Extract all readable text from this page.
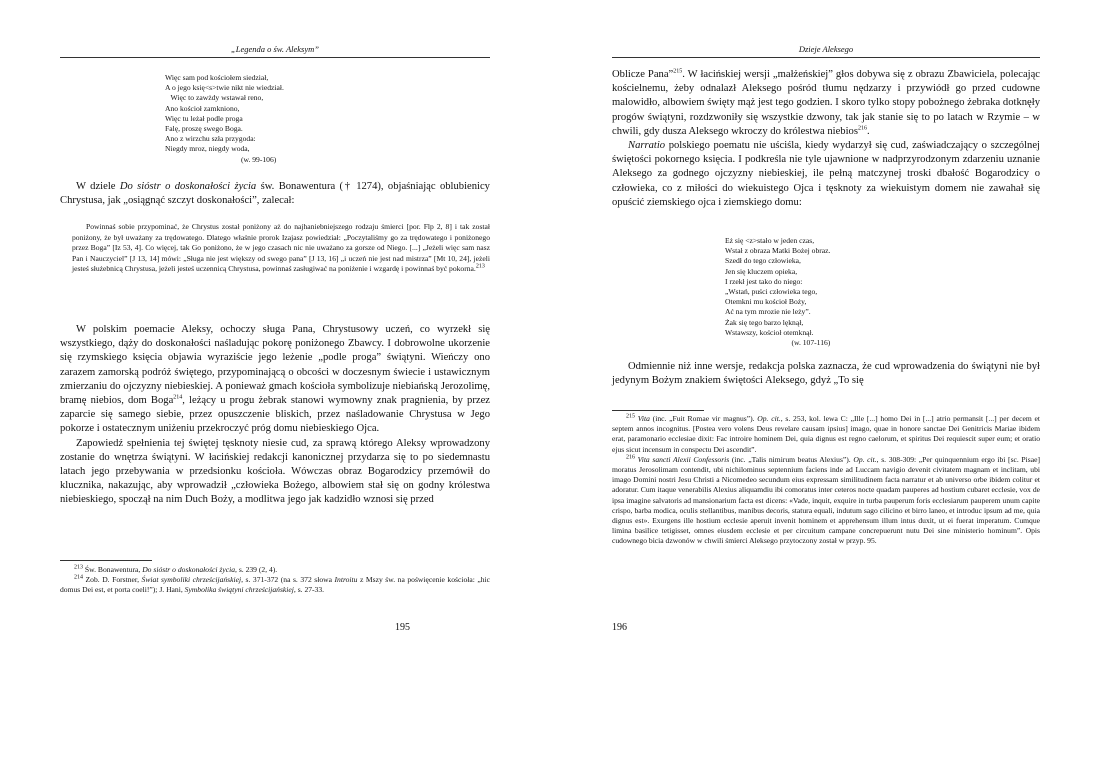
„Legenda o św. Aleksym”
Więc sam pod kościołem siedział,
A o jego księ<s>twie nikt nie wiedział.
Więc to zawżdy wstawał reno,
Ano kościoł zamkniono,
Więc tu leżał podle proga
Falę, proszę swego Boga.
Ano z wirzchu szła przygoda:
Niegdy mroz, niegdy woda,
(w. 99-106)

W dziele Do sióstr o doskonałości życia św. Bonawentura († 1274), objaśniając oblubienicy Chrystusa, jak „osiągnąć szczyt doskonałości”, zalecał:

Powinnaś sobie przypominać, że Chrystus został poniżony aż do najhaniebniejszego rodzaju śmierci [por. Flp 2, 8] i tak został poniżony, że był uważany za trędowatego. Dlatego właśnie prorok Izajasz powiedział: „Poczytaliśmy go za trędowatego i poniżonego przez Boga” [Iz 53, 4]. Co więcej, tak Go poniżono, że w jego czasach nic nie uważano za gorsze od Niego. [...] „Jeżeli więc sam nasz Pan i Nauczyciel” [J 13, 14] mówi: „Sługa nie jest większy od swego pana” [J 13, 16] „i uczeń nie jest nad mistrza” [Mt 10, 24], jeżeli jesteś służebnicą Chrystusa, jeżeli jesteś uczennicą Chrystusa, powinnaś zasługiwać na poniżenie i wzgardę i powinnaś być pokorna.$^{213}$

W polskim poemacie Aleksy, ochoczy sługa Pana, Chrystusowy uczeń, co wyrzekł się wszystkiego, dąży do doskonałości naśladując pokorę poniżonego Zbawcy. I dobrowolne ukorzenie się rzymskiego księcia objawia wyraziście jego leżenie „podle proga” świątyni. Wieńczy ono zarazem zamorską podróż świętego, przypominającą o obcości w doczesnym świecie i ustawicznym zmierzaniu do ojczyzny niebieskiej. A ponieważ gmach kościoła symbolizuje niebiańską Jerozolimę, bramę niebios, dom Boga$^{214}$, leżący u progu żebrak stanowi wymowny znak pragnienia, by przez zaparcie się samego siebie, przez opuszczenie bliskich, przez naśladowanie Chrystusa w Jego pokorze i ostatecznym uniżeniu przekroczyć próg domu niebieskiego Ojca.

Zapowiedź spełnienia tej świętej tęsknoty niesie cud, za sprawą którego Aleksy wprowadzony zostanie do wnętrza świątyni. W łacińskiej redakcji kanonicznej przydarza się to po siedemnastu latach jego przebywania w przedsionku kościoła. Wówczas obraz Bogarodzicy przemówił do klucznika, nakazując, aby wprowadził „człowieka Bożego, albowiem stał się on godny królestwa niebieskiego, spoczął na nim Duch Boży, a modlitwa jego jak kadzidło wznosi się przed

$^{213}$ Św. Bonawentura, Do sióstr o doskonałości życia, s. 239 (2, 4).

$^{214}$ Zob. D. Forstner, Świat symboliki chrześcijańskiej, s. 371-372 (na s. 372 słowa Introitu z Mszy św. na poświęcenie kościoła: „hic domus Dei est, et porta coeli!”); J. Hani, Symbolika świątyni chrześcijańskiej, s. 27-33.

195
Dzieje Aleksego

Oblicze Pana”$^{215}$. W łacińskiej wersji „małżeńskiej” głos dobywa się z obrazu Zbawiciela, polecając kościelnemu, żeby odnalazł Aleksego pośród tłumu nędzarzy i przywiódł go przed cudowne malowidło, albowiem święty mąż jest tego godzien. I skoro tylko stopy pobożnego żebraka dotknęły progów świątyni, rozdzwoniły się wszystkie dzwony, tak jak stanie się to po latach w Rzymie – w chwili, gdy dusza Aleksego wkroczy do królestwa niebios$^{216}$.

Narratio polskiego poematu nie uściśla, kiedy wydarzył się cud, zaświadczający o szczególnej świętości pokornego księcia. I podkreśla nie tyle ujawnione w nadprzyrodzonym zdarzeniu uznanie Aleksego za godnego ojczyzny niebieskiej, ile pełną matczynej troski dbałość Bogarodzicy o człowieka, co z miłości do wiekuistego Ojca i tęsknoty za wiekuistym domem nie zawahał się opuścić ziemskiego ojca i ziemskiego domu:

Eż się <z>stało w jeden czas,
Wstał z obraza Matki Bożej obraz.
Szedł do tego człowieka,
Jen się kluczem opieka,
I rzekł jest tako do niego:
„Wstań, puści człowieka tego,
Otemkni mu kościoł Boży,
Ać na tym mrozie nie leży”.
Żak się tego barzo lęknął,
Wstawszy, kościoł otemknął.
(w. 107-116)

Odmiennie niż inne wersje, redakcja polska zaznacza, że cud wprowadzenia do świątyni nie był jedynym Bożym znakiem świętości Aleksego, gdyż „To się

$^{215}$ Vita (inc. „Fuit Romae vir magnus”). Op. cit., s. 253, kol. lewa C: „Ille [...] homo Dei in [...] atrio permansit [...] per decem et septem annos incognitus. [Postea vero volens Deus revelare causam ipsius] imago, quae in honore sanctae Dei Genitricis Mariae ibidem erat, paramonario ecclesiae dixit: Fac introire hominem Dei, quia dignus est regno caelorum, et spiritus Dei requiescit super eum; et oratio ejus sicut incensum in conspectu Dei ascendit”.

$^{216}$ Vita sancti Alexii Confessoris (inc. „Talis nimirum beatus Alexius”). Op. cit., s. 308-309: „Per quinquennium ergo ibi [sc. Pisae] moratus Jerosolimam contendit, ubi nichilominus septennium faciens inde ad Luccam navigio devenit civitatem magnam et inclitam, ubi imago Domini nostri Jesu Christi a Nicomedeo secundum eius expressam similitudinem facta narratur et ab universo orbe ibidem colitur et adoratur. Cum itaque venerabilis Alexius aliquamdiu ibi comoratus inter ceteros noctе quadam pauperes ad hostium cubaret ecclesie, vox de ipsa imagine salvatoris ad mansionarium facta est dicens: «Vade, inquit, exquire in turba pauperum foris ecclesiarum pauperem unum capite crispo, barba modica, oculis stellantibus, manibus decoris, statura equali, indutum sago cilicino et birro laneo, et introduc ipsum ad me, quia dignus est». Exurgens ille hostium ecclesie aperuit invenit hominem et apprehensum illum intus duxit, ut ei fuerat imperatum. Cumque limina basilice tetigisset, omnes eiusdem ecclesie et per circuitum campane concrepuerunt nutu Dei sine ministerio hominum”. Opis cudownego bicia dzwonów w chwili śmierci Aleksego przytoczony został w przyp. 95.

196
